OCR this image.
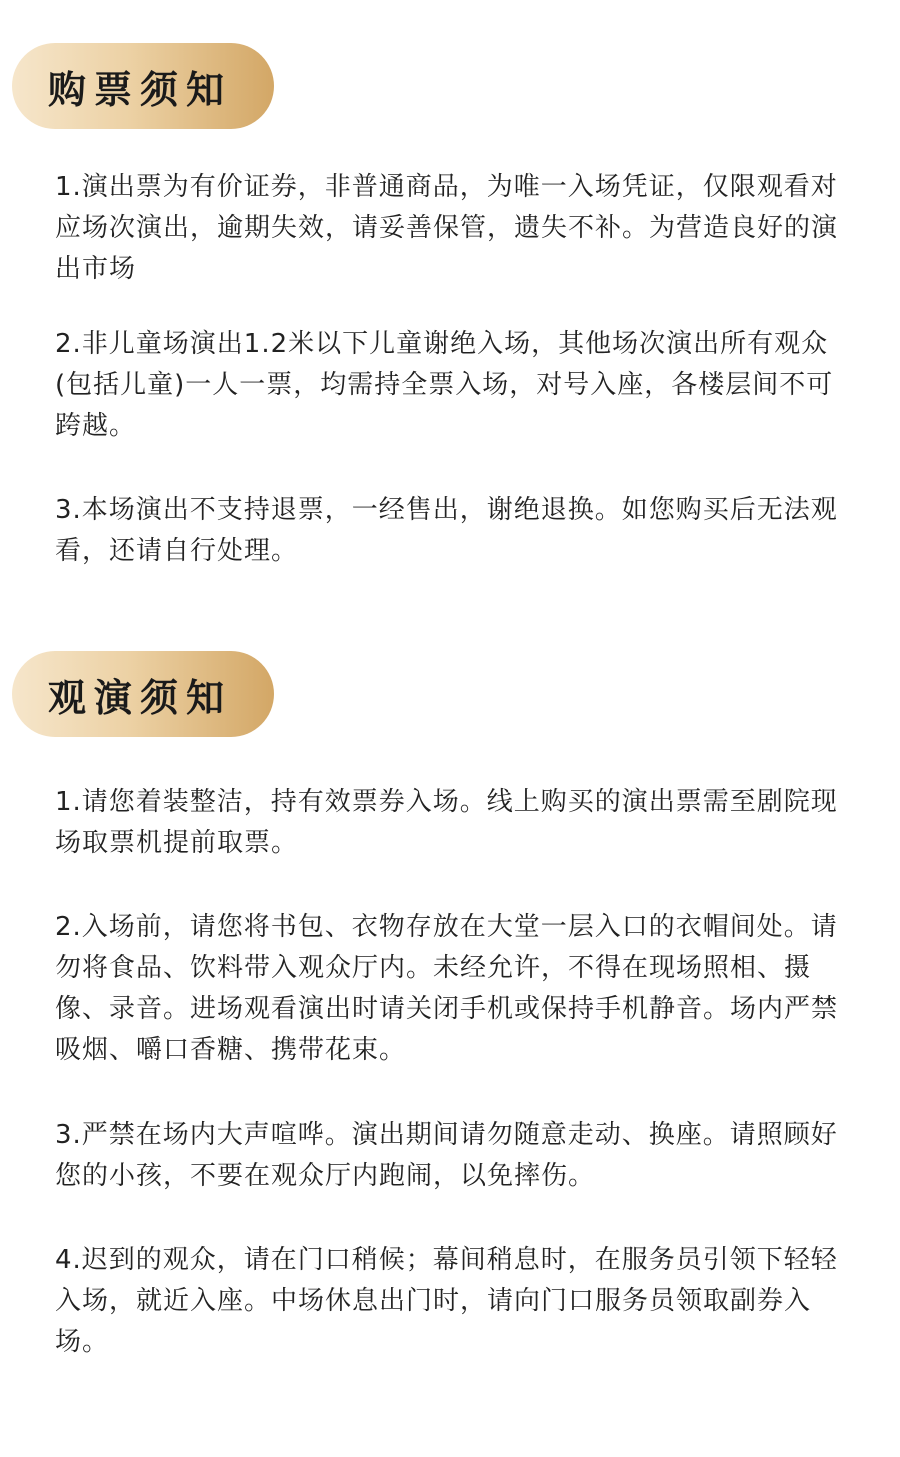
购票须知

1.演出票为有价证券，非普通商品，为唯一入场凭证，仅限观看对应场次演出，逾期失效，请妥善保管，遗失不补。为营造良好的演出市场

2.非儿童场演出1.2米以下儿童谢绝入场，其他场次演出所有观众(包括儿童)一人一票，均需持全票入场，对号入座，各楼层间不可跨越。

3.本场演出不支持退票，一经售出，谢绝退换。如您购买后无法观看，还请自行处理。

观演须知

1.请您着装整洁，持有效票券入场。线上购买的演出票需至剧院现场取票机提前取票。

2.入场前，请您将书包、衣物存放在大堂一层入口的衣帽间处。请勿将食品、饮料带入观众厅内。未经允许，不得在现场照相、摄像、录音。进场观看演出时请关闭手机或保持手机静音。场内严禁吸烟、嚼口香糖、携带花束。

3.严禁在场内大声喧哗。演出期间请勿随意走动、换座。请照顾好您的小孩，不要在观众厅内跑闹，以免摔伤。

4.迟到的观众，请在门口稍候；幕间稍息时，在服务员引领下轻轻入场，就近入座。中场休息出门时，请向门口服务员领取副券入场。
